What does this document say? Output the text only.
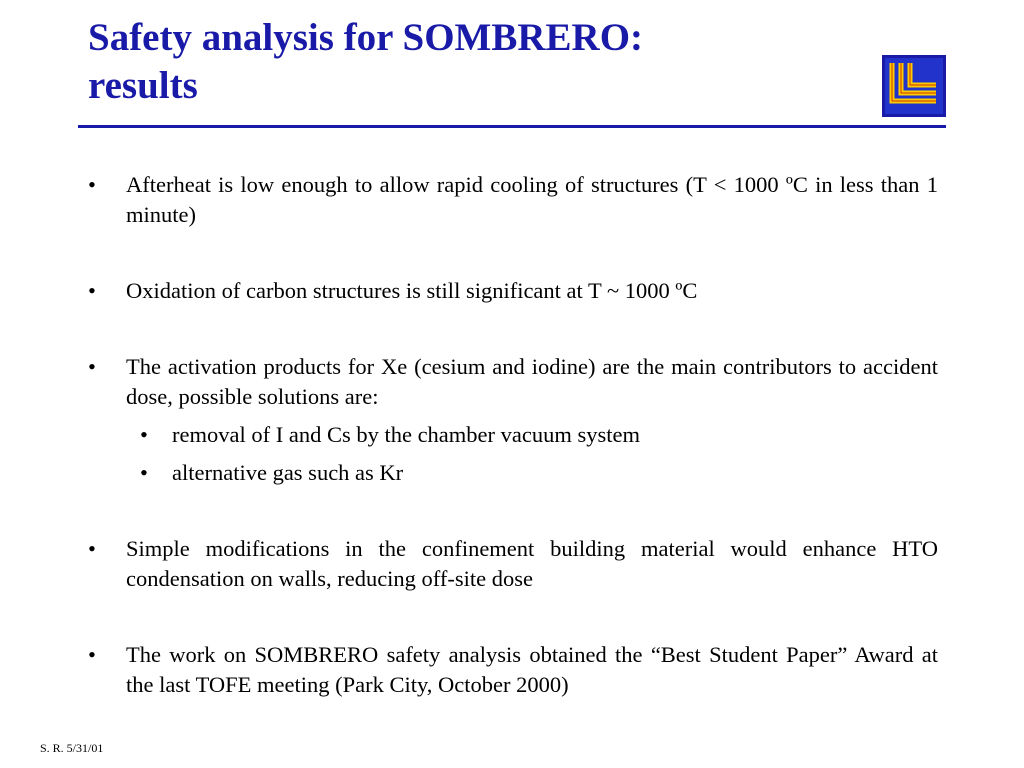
Safety analysis for SOMBRERO:
results
• Afterheat is low enough to allow rapid cooling of structures (T < 1000 ºC in less than 1 minute)
• Oxidation of carbon structures is still significant at T ~ 1000 ºC
• The activation products for Xe (cesium and iodine) are the main contributors to accident dose, possible solutions are:
• removal of I and Cs by the chamber vacuum system
• alternative gas such as Kr
• Simple modifications in the confinement building material would enhance HTO condensation on walls, reducing off-site dose
• The work on SOMBRERO safety analysis obtained the “Best Student Paper” Award at the last TOFE meeting (Park City, October 2000)
S. R. 5/31/01
